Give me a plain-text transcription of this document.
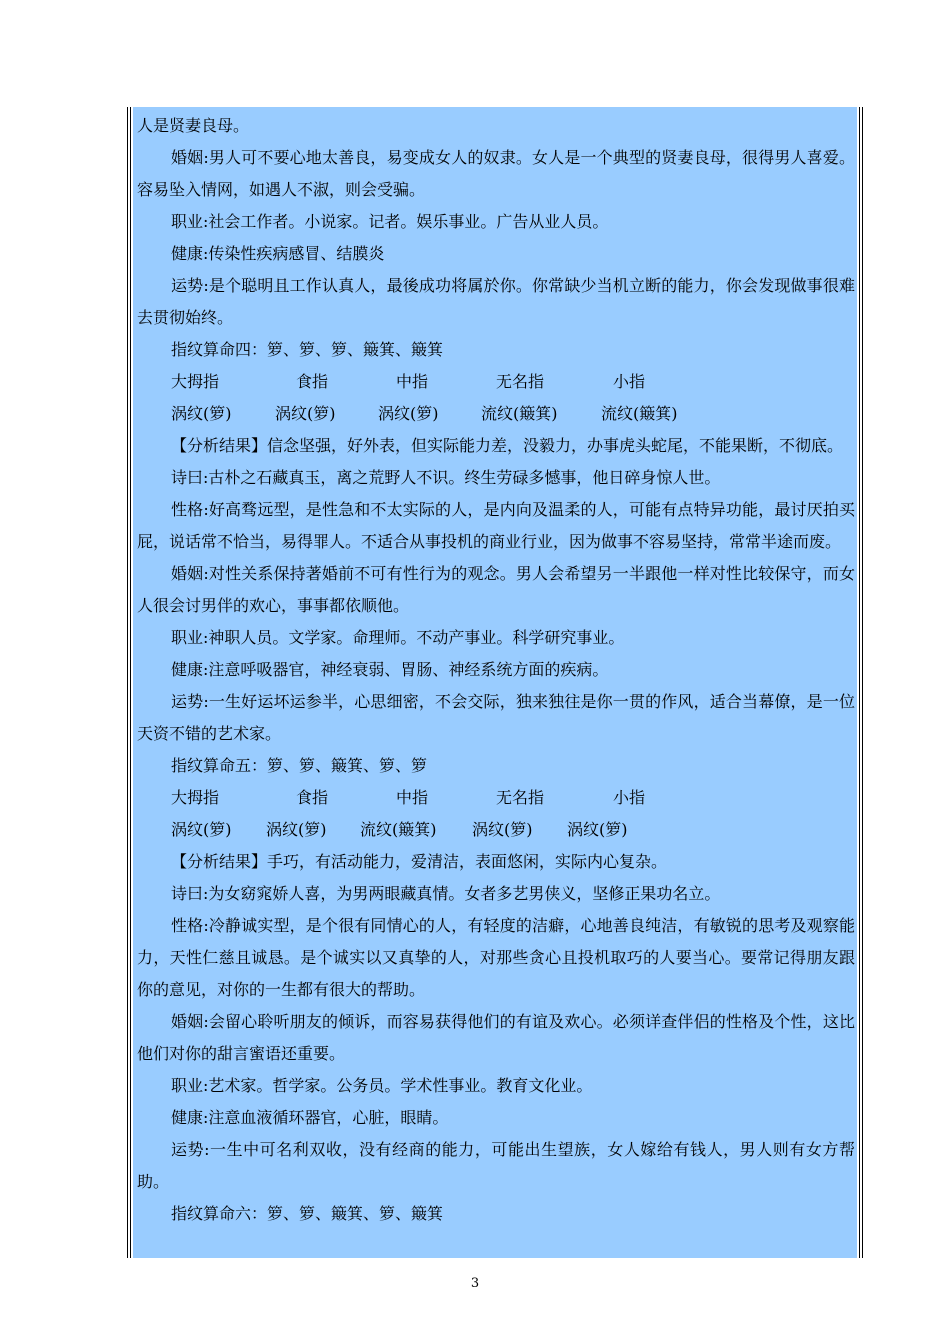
人是贤妻良母。

婚姻:男人可不要心地太善良，易变成女人的奴隶。女人是一个典型的贤妻良母，很得男人喜爱。容易坠入情网，如遇人不淑，则会受骗。

职业:社会工作者。小说家。记者。娱乐事业。广告从业人员。

健康:传染性疾病感冒、结膜炎

运势:是个聪明且工作认真人，最後成功将属於你。你常缺少当机立断的能力，你会发现做事很难去贯彻始终。

指纹算命四：箩、箩、箩、簸箕、簸箕

大拇指	食指	中指	无名指	小指
涡纹(箩)	涡纹(箩)	涡纹(箩)	流纹(簸箕)	流纹(簸箕)

【分析结果】信念坚强，好外表，但实际能力差，没毅力，办事虎头蛇尾，不能果断，不彻底。

诗曰:古朴之石藏真玉，离之荒野人不识。终生劳碌多憾事，他日碎身惊人世。

性格:好高骛远型，是性急和不太实际的人，是内向及温柔的人，可能有点特异功能，最讨厌拍买屁，说话常不恰当，易得罪人。不适合从事投机的商业行业，因为做事不容易坚持，常常半途而废。

婚姻:对性关系保持著婚前不可有性行为的观念。男人会希望另一半跟他一样对性比较保守，而女人很会讨男伴的欢心，事事都依顺他。

职业:神职人员。文学家。命理师。不动产事业。科学研究事业。

健康:注意呼吸器官，神经衰弱、胃肠、神经系统方面的疾病。

运势:一生好运坏运参半，心思细密，不会交际，独来独往是你一贯的作风，适合当幕僚，是一位天资不错的艺术家。

指纹算命五：箩、箩、簸箕、箩、箩

大拇指	食指	中指	无名指	小指
涡纹(箩)	涡纹(箩)	流纹(簸箕)	涡纹(箩)	涡纹(箩)

【分析结果】手巧，有活动能力，爱清洁，表面悠闲，实际内心复杂。

诗曰:为女窈窕娇人喜，为男两眼藏真情。女者多艺男侠义，坚修正果功名立。

性格:冷静诚实型，是个很有同情心的人，有轻度的洁癖，心地善良纯洁，有敏锐的思考及观察能力，天性仁慈且诚恳。是个诚实以又真挚的人，对那些贪心且投机取巧的人要当心。要常记得朋友跟你的意见，对你的一生都有很大的帮助。

婚姻:会留心聆听朋友的倾诉，而容易获得他们的有谊及欢心。必须详查伴侣的性格及个性，这比他们对你的甜言蜜语还重要。

职业:艺术家。哲学家。公务员。学术性事业。教育文化业。

健康:注意血液循环器官，心脏，眼睛。

运势:一生中可名利双收，没有经商的能力，可能出生望族，女人嫁给有钱人，男人则有女方帮助。

指纹算命六：箩、箩、簸箕、箩、簸箕

3
